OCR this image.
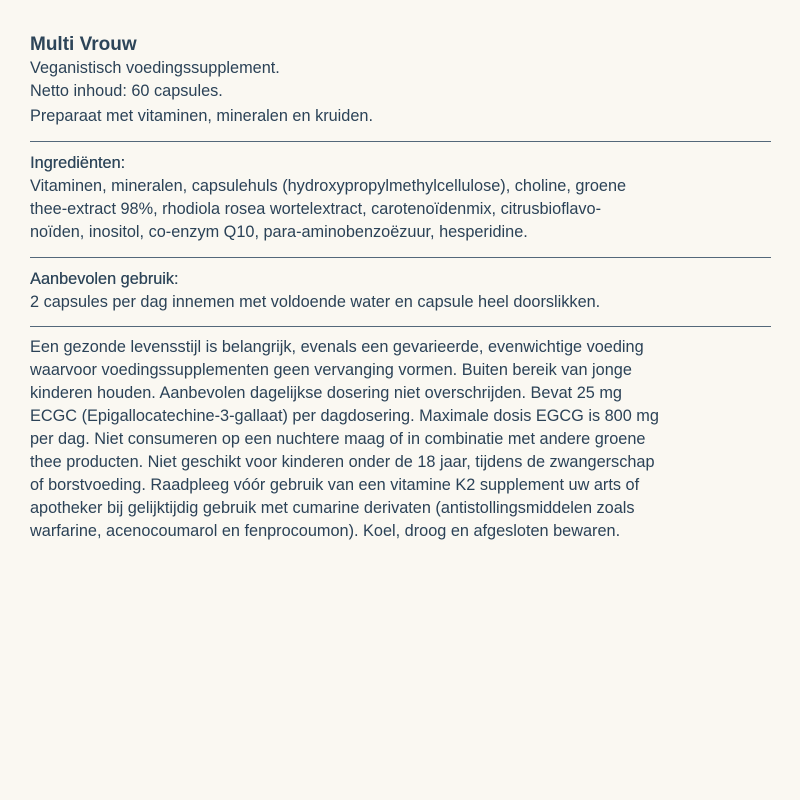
Multi Vrouw

Veganistisch voedingssupplement.

Netto inhoud: 60 capsules.

Preparaat met vitaminen, mineralen en kruiden.

Ingrediënten:

Vitaminen, mineralen, capsulehuls (hydroxypropylmethylcellulose), choline, groene

thee-extract 98%, rhodiola rosea wortelextract, carotenoïdenmix, citrusbioflavo-

noïden, inositol, co-enzym Q10, para-aminobenzoëzuur, hesperidine.

Aanbevolen gebruik:

2 capsules per dag innemen met voldoende water en capsule heel doorslikken.

Een gezonde levensstijl is belangrijk, evenals een gevarieerde, evenwichtige voeding

waarvoor voedingssupplementen geen vervanging vormen. Buiten bereik van jonge

kinderen houden. Aanbevolen dagelijkse dosering niet overschrijden. Bevat 25 mg

ECGC (Epigallocatechine-3-gallaat) per dagdosering. Maximale dosis EGCG is 800 mg

per dag. Niet consumeren op een nuchtere maag of in combinatie met andere groene

thee producten. Niet geschikt voor kinderen onder de 18 jaar, tijdens de zwangerschap

of borstvoeding. Raadpleeg vóór gebruik van een vitamine K2 supplement uw arts of

apotheker bij gelijktijdig gebruik met cumarine derivaten (antistollingsmiddelen zoals

warfarine, acenocoumarol en fenprocoumon). Koel, droog en afgesloten bewaren.
